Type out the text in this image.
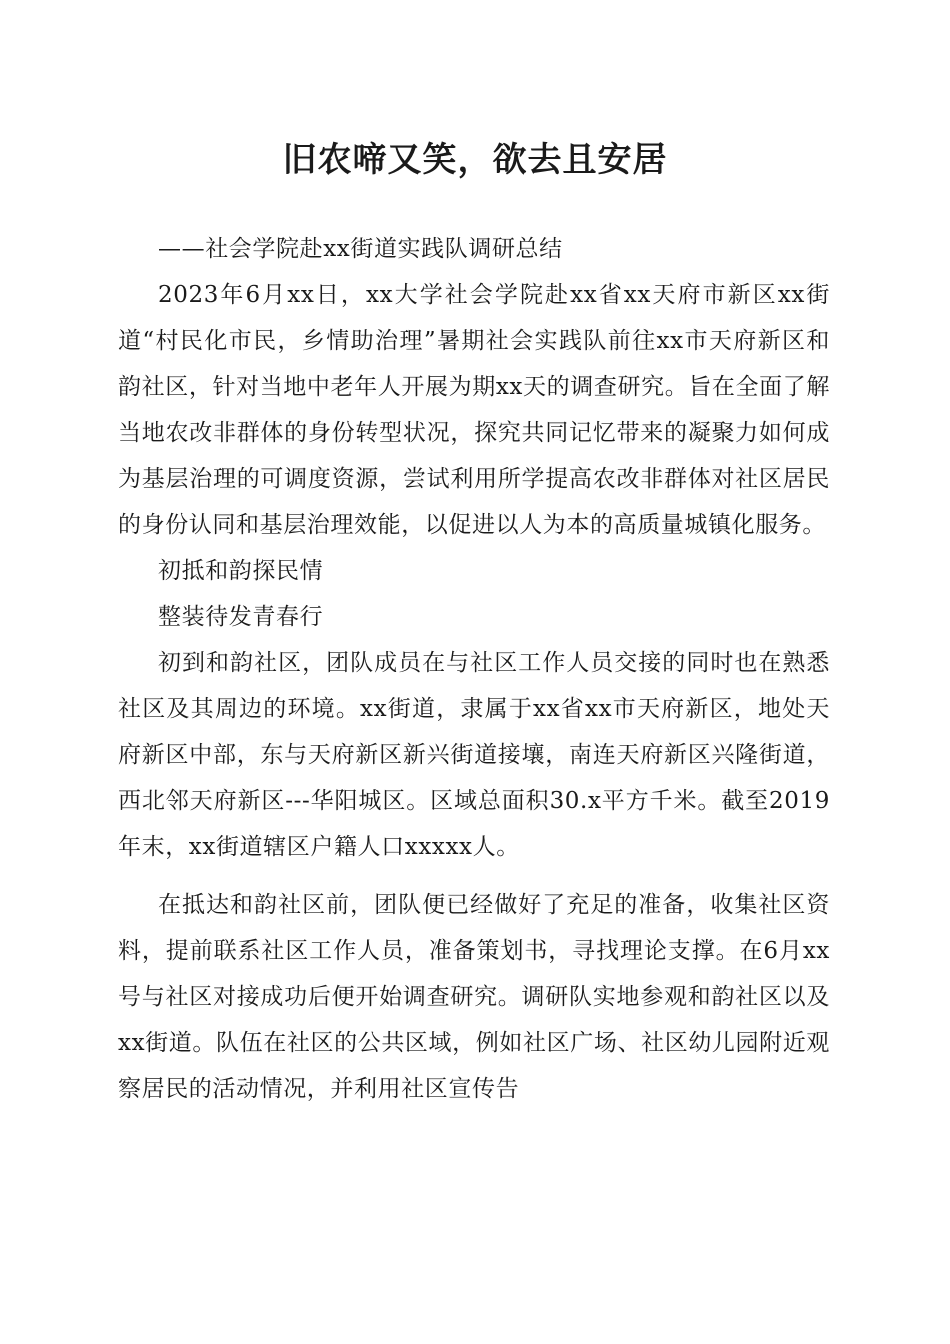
旧农啼又笑，欲去且安居

——社会学院赴xx街道实践队调研总结

2023年6月xx日，xx大学社会学院赴xx省xx天府市新区xx街道“村民化市民，乡情助治理”暑期社会实践队前往xx市天府新区和韵社区，针对当地中老年人开展为期xx天的调查研究。旨在全面了解当地农改非群体的身份转型状况，探究共同记忆带来的凝聚力如何成为基层治理的可调度资源，尝试利用所学提高农改非群体对社区居民的身份认同和基层治理效能，以促进以人为本的高质量城镇化服务。

初抵和韵探民情

整装待发青春行

初到和韵社区，团队成员在与社区工作人员交接的同时也在熟悉社区及其周边的环境。xx街道，隶属于xx省xx市天府新区，地处天府新区中部，东与天府新区新兴街道接壤，南连天府新区兴隆街道，西北邻天府新区---华阳城区。区域总面积30.x平方千米。截至2019年末，xx街道辖区户籍人口xxxxx人。

在抵达和韵社区前，团队便已经做好了充足的准备，收集社区资料，提前联系社区工作人员，准备策划书，寻找理论支撑。在6月xx号与社区对接成功后便开始调查研究。调研队实地参观和韵社区以及xx街道。队伍在社区的公共区域，例如社区广场、社区幼儿园附近观察居民的活动情况，并利用社区宣传告
